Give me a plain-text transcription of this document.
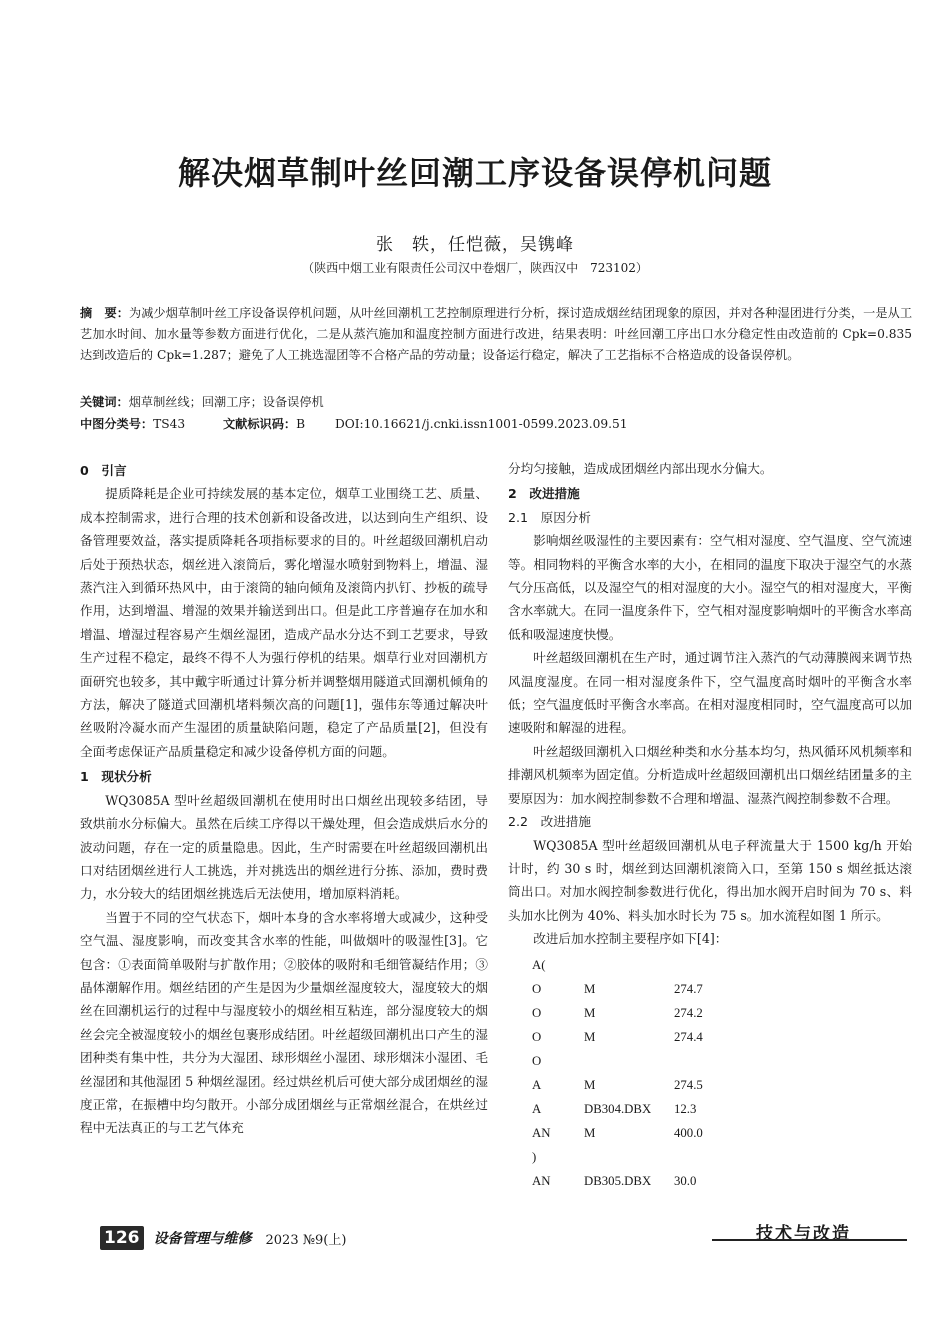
解决烟草制叶丝回潮工序设备误停机问题
张　轶，任恺薇，吴镌峰
（陕西中烟工业有限责任公司汉中卷烟厂，陕西汉中　723102）
摘　要：为减少烟草制叶丝工序设备误停机问题，从叶丝回潮机工艺控制原理进行分析，探讨造成烟丝结团现象的原因，并对各种湿团进行分类，一是从工艺加水时间、加水量等参数方面进行优化，二是从蒸汽施加和温度控制方面进行改进，结果表明：叶丝回潮工序出口水分稳定性由改造前的 Cpk=0.835 达到改造后的 Cpk=1.287；避免了人工挑选湿团等不合格产品的劳动量；设备运行稳定，解决了工艺指标不合格造成的设备误停机。
关键词：烟草制丝线；回潮工序；设备误停机
中图分类号：TS43	文献标识码：B DOI:10.16621/j.cnki.issn1001-0599.2023.09.51
0　引言

提质降耗是企业可持续发展的基本定位，烟草工业围绕工艺、质量、成本控制需求，进行合理的技术创新和设备改进，以达到向生产组织、设备管理要效益，落实提质降耗各项指标要求的目的。叶丝超级回潮机启动后处于预热状态，烟丝进入滚筒后，雾化增湿水喷射到物料上，增温、湿蒸汽注入到循环热风中，由于滚筒的轴向倾角及滚筒内扒钉、抄板的疏导作用，达到增温、增湿的效果并输送到出口。但是此工序普遍存在加水和增温、增湿过程容易产生烟丝湿团，造成产品水分达不到工艺要求，导致生产过程不稳定，最终不得不人为强行停机的结果。烟草行业对回潮机方面研究也较多，其中戴宇昕通过计算分析并调整烟用隧道式回潮机倾角的方法，解决了隧道式回潮机堵料频次高的问题[1]，强伟东等通过解决叶丝吸附冷凝水而产生湿团的质量缺陷问题，稳定了产品质量[2]，但没有全面考虑保证产品质量稳定和减少设备停机方面的问题。

1　现状分析

WQ3085A 型叶丝超级回潮机在使用时出口烟丝出现较多结团，导致烘前水分标偏大。虽然在后续工序得以干燥处理，但会造成烘后水分的波动问题，存在一定的质量隐患。因此，生产时需要在叶丝超级回潮机出口对结团烟丝进行人工挑选，并对挑选出的烟丝进行分拣、添加，费时费力，水分较大的结团烟丝挑选后无法使用，增加原料消耗。

当置于不同的空气状态下，烟叶本身的含水率将增大或减少，这种受空气温、湿度影响，而改变其含水率的性能，叫做烟叶的吸湿性[3]。它包含：①表面简单吸附与扩散作用；②胶体的吸附和毛细管凝结作用；③晶体潮解作用。烟丝结团的产生是因为少量烟丝湿度较大，湿度较大的烟丝在回潮机运行的过程中与湿度较小的烟丝相互粘连，部分湿度较大的烟丝会完全被湿度较小的烟丝包裹形成结团。叶丝超级回潮机出口产生的湿团种类有集中性，共分为大湿团、球形烟丝小湿团、球形烟沫小湿团、毛丝湿团和其他湿团 5 种烟丝湿团。经过烘丝机后可使大部分成团烟丝的湿度正常，在振槽中均匀散开。小部分成团烟丝与正常烟丝混合，在烘丝过程中无法真正的与工艺气体充

分均匀接触，造成成团烟丝内部出现水分偏大。

2　改进措施
2.1　原因分析

影响烟丝吸湿性的主要因素有：空气相对湿度、空气温度、空气流速等。相同物料的平衡含水率的大小，在相同的温度下取决于湿空气的水蒸气分压高低，以及湿空气的相对湿度的大小。湿空气的相对湿度大，平衡含水率就大。在同一温度条件下，空气相对湿度影响烟叶的平衡含水率高低和吸湿速度快慢。

叶丝超级回潮机在生产时，通过调节注入蒸汽的气动薄膜阀来调节热风温度湿度。在同一相对湿度条件下，空气温度高时烟叶的平衡含水率低；空气温度低时平衡含水率高。在相对湿度相同时，空气温度高可以加速吸附和解湿的进程。

叶丝超级回潮机入口烟丝种类和水分基本均匀，热风循环风机频率和排潮风机频率为固定值。分析造成叶丝超级回潮机出口烟丝结团量多的主要原因为：加水阀控制参数不合理和增温、湿蒸汽阀控制参数不合理。

2.2　改进措施

WQ3085A 型叶丝超级回潮机从电子秤流量大于 1500 kg/h 开始计时，约 30 s 时，烟丝到达回潮机滚筒入口，至第 150 s 烟丝抵达滚筒出口。对加水阀控制参数进行优化，得出加水阀开启时间为 70 s、料头加水比例为 40%、料头加水时长为 75 s。加水流程如图 1 所示。

改进后加水控制主要程序如下[4]：

A(
O	M	274.7
O	M	274.2
O	M	274.4
O
A	M	274.5
A	DB304.DBX	12.3
AN	M	400.0
)
AN	DB305.DBX	30.0
126 设备管理与维修 2023 №9(上)	技术与改造
